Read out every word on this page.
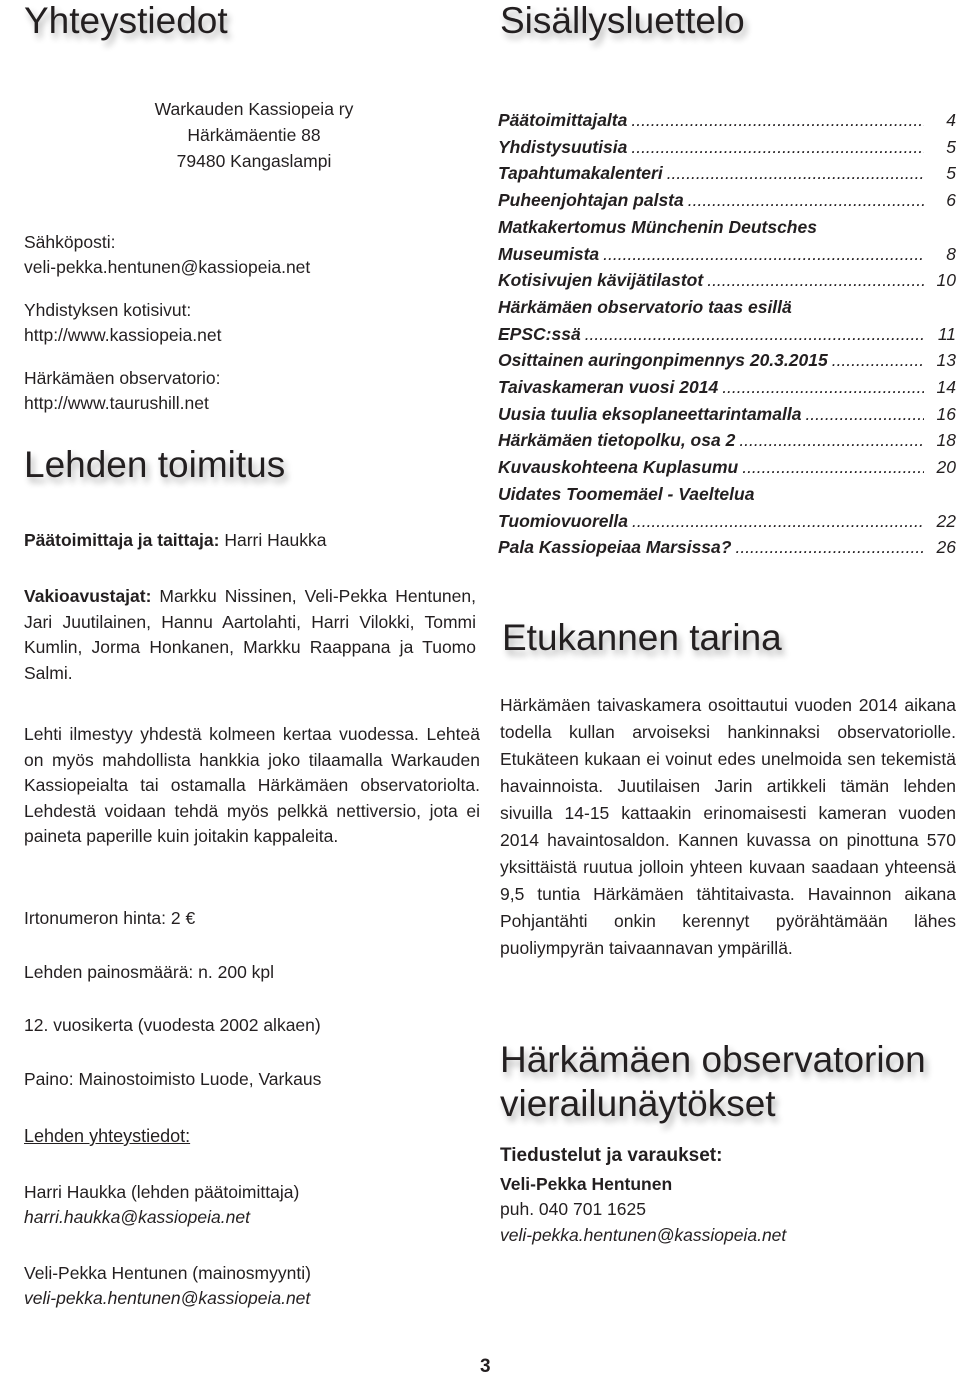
Yhteystiedot
Warkauden Kassiopeia ry
Härkämäentie 88
79480 Kangaslampi
Sähköposti:
veli-pekka.hentunen@kassiopeia.net
Yhdistyksen kotisivut:
http://www.kassiopeia.net
Härkämäen observatorio:
http://www.taurushill.net
Lehden toimitus
Päätoimittaja ja taittaja: Harri Haukka
Vakioavustajat: Markku Nissinen, Veli-Pekka Hentunen, Jari Juutilainen, Hannu Aartolahti, Harri Vilokki, Tommi Kumlin, Jorma Honkanen, Markku Raappana ja Tuomo Salmi.
Lehti ilmestyy yhdestä kolmeen kertaa vuodessa. Lehteä on myös mahdollista hankkia joko tilaamalla Warkauden Kassiopeialta tai ostamalla Härkämäen observatoriolta. Lehdestä voidaan tehdä myös pelkkä nettiversio, jota ei paineta paperille kuin joitakin kappaleita.
Irtonumeron hinta: 2 €
Lehden painosmäärä: n. 200 kpl
12. vuosikerta (vuodesta 2002 alkaen)
Paino: Mainostoimisto Luode, Varkaus
Lehden yhteystiedot:
Harri Haukka (lehden päätoimittaja)
harri.haukka@kassiopeia.net
Veli-Pekka Hentunen (mainosmyynti)
veli-pekka.hentunen@kassiopeia.net
Sisällysluettelo
Päätoimittajalta .....	4
Yhdistysuutisia .....	5
Tapahtumakalenteri .....	5
Puheenjohtajan palsta .....	6
Matkakertomus Münchenin Deutsches
Museumista .....	8
Kotisivujen kävijätilastot .....	10
Härkämäen observatorio taas esillä
EPSC:ssä .....	11
Osittainen auringonpimennys 20.3.2015 .....	13
Taivaskameran vuosi 2014 .....	14
Uusia tuulia eksoplaneettarintamalla .....	16
Härkämäen tietopolku, osa 2 .....	18
Kuvauskohteena Kuplasumu .....	20
Uidates Toomemäel - Vaeltelua
Tuomiovuorella .....	22
Pala Kassiopeiaa Marsissa? .....	26
Etukannen tarina
Härkämäen taivaskamera osoittautui vuoden 2014 aikana todella kullan arvoiseksi hankinnaksi observatoriolle. Etukäteen kukaan ei voinut edes unelmoida sen tekemistä havainnoista. Juutilaisen Jarin artikkeli tämän lehden sivuilla 14-15 kattaakin erinomaisesti kameran vuoden 2014 havaintosaldon. Kannen kuvassa on pinottuna 570 yksittäistä ruutua jolloin yhteen kuvaan saadaan yhteensä 9,5 tuntia Härkämäen tähtitaivasta. Havainnon aikana Pohjantähti onkin kerennyt pyörähtämään lähes puoliympyrän taivaannavan ympärillä.
Härkämäen observatorion
vierailunäytökset
Tiedustelut ja varaukset:
Veli-Pekka Hentunen
puh. 040 701 1625
veli-pekka.hentunen@kassiopeia.net
3
